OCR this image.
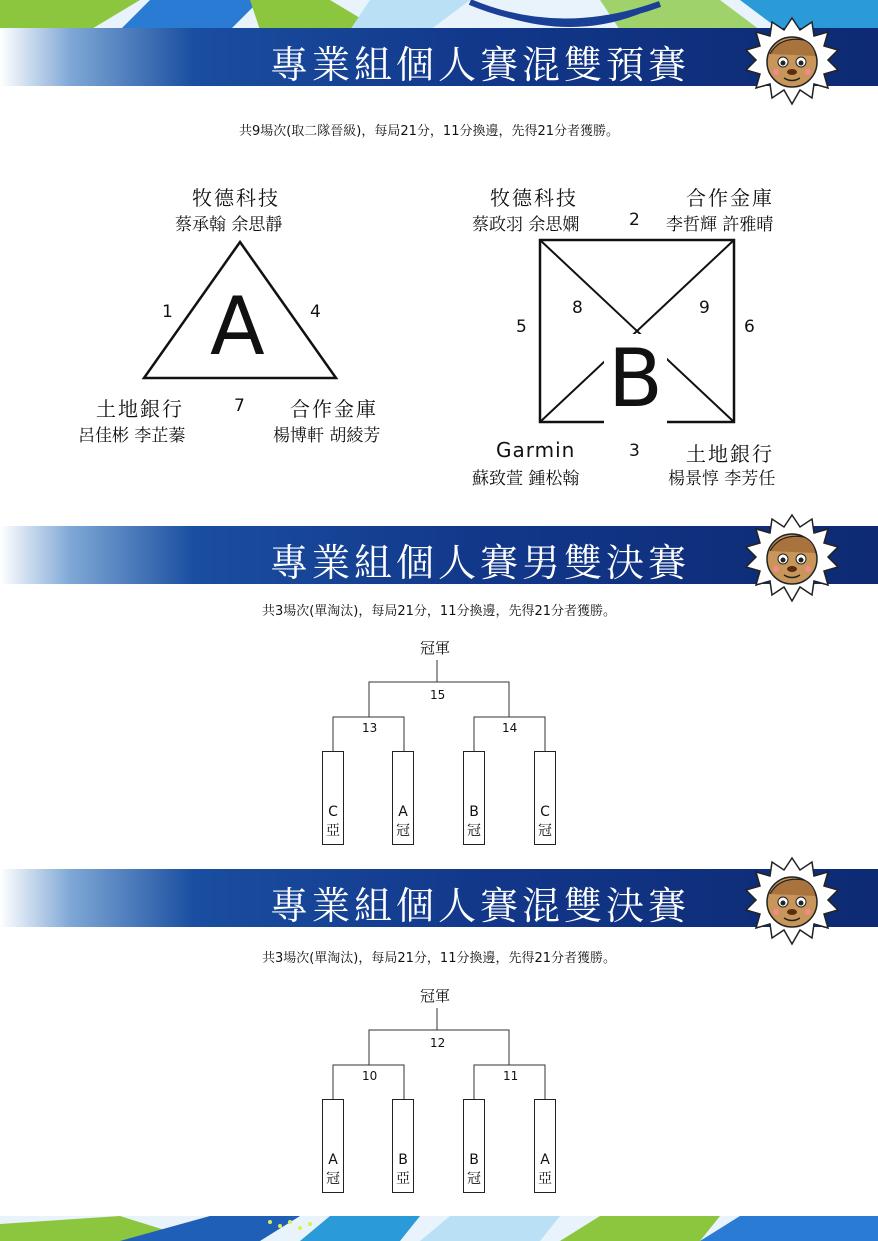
專業組個人賽混雙預賽
共9場次(取二隊晉級)，每局21分，11分換邊，先得21分者獲勝。
A
牧德科技
蔡承翰 余思靜
1	4
土地銀行	7 合作金庫
呂佳彬 李芷蓁	楊博軒 胡綾芳
B
牧德科技
蔡政羽 余思嫻
合作金庫
李哲輝 許雅晴
2
5	6
8	9
Garmin	3 土地銀行
蘇致萱 鍾松翰	楊景惇 李芳任
專業組個人賽男雙決賽
共3場次(單淘汰)，每局21分，11分換邊，先得21分者獲勝。
冠軍
15
13	14
C
亞
A
冠
B
冠
C
冠
專業組個人賽混雙決賽
共3場次(單淘汰)，每局21分，11分換邊，先得21分者獲勝。
冠軍
12
10	11
A
冠
B
亞
B
冠
A
亞
